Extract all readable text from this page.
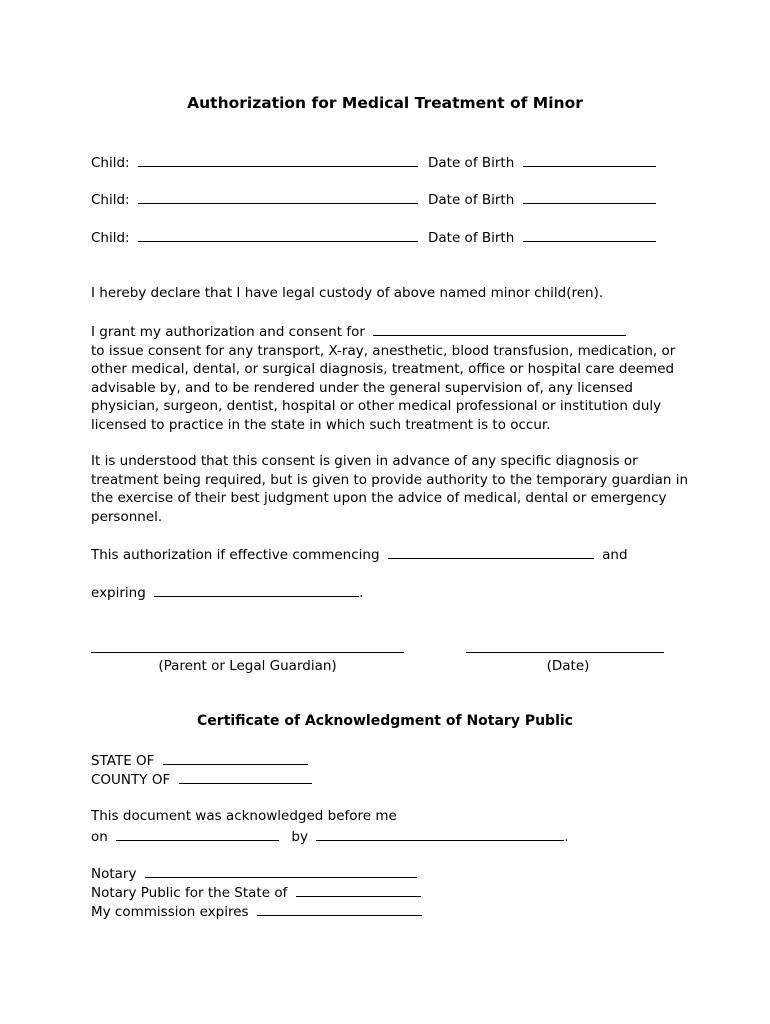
Authorization for Medical Treatment of Minor
Child:	Date of Birth
Child:	Date of Birth
Child:	Date of Birth
I hereby declare that I have legal custody of above named minor child(ren).
I grant my authorization and consent for
to issue consent for any transport, X-ray, anesthetic, blood transfusion, medication, or
other medical, dental, or surgical diagnosis, treatment, office or hospital care deemed
advisable by, and to be rendered under the general supervision of, any licensed
physician, surgeon, dentist, hospital or other medical professional or institution duly
licensed to practice in the state in which such treatment is to occur.
It is understood that this consent is given in advance of any specific diagnosis or
treatment being required, but is given to provide authority to the temporary guardian in
the exercise of their best judgment upon the advice of medical, dental or emergency
personnel.
This authorization if effective commencing	and
expiring	.
(Parent or Legal Guardian)	(Date)
Certificate of Acknowledgment of Notary Public
STATE OF
COUNTY OF
This document was acknowledged before me
on	by	.
Notary
Notary Public for the State of
My commission expires
